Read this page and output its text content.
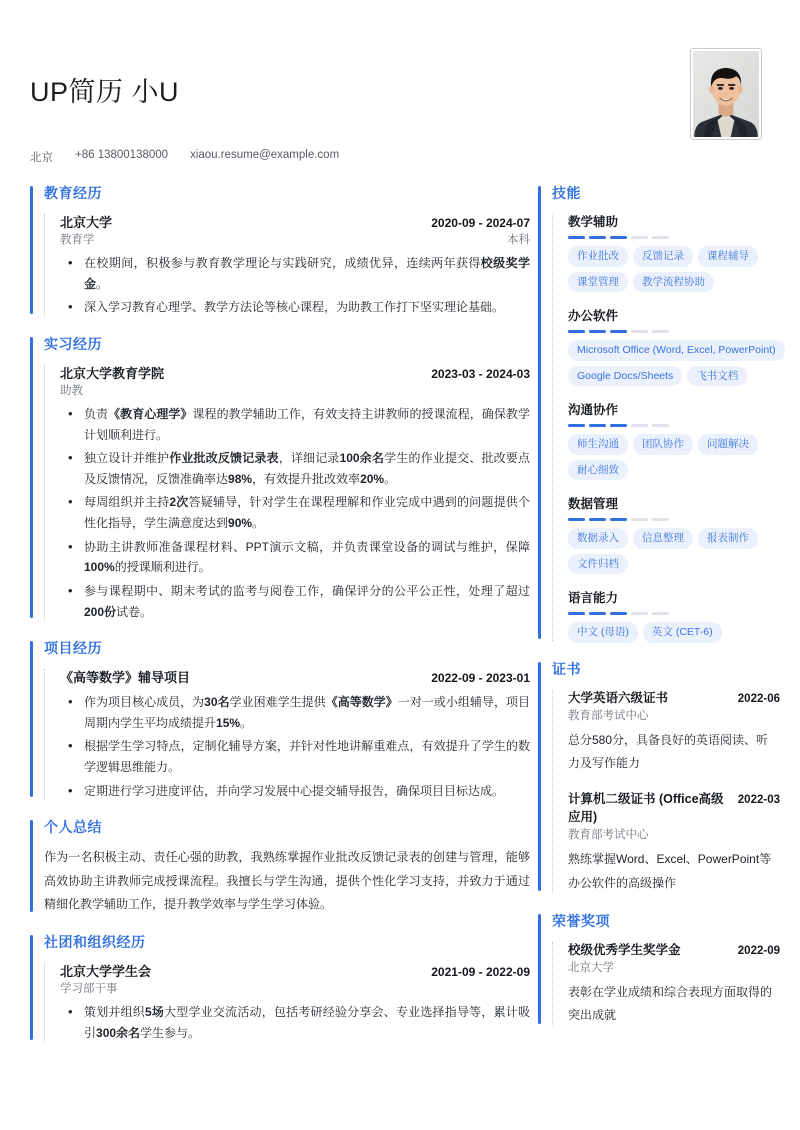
UP简历 小U
北京 +86 13800138000 xiaou.resume@example.com
教育经历
北京大学	2020-09 - 2024-07
教育学	本科
• 在校期间，积极参与教育教学理论与实践研究，成绩优异，连续两年获得校级奖学金。
• 深入学习教育心理学、教学方法论等核心课程，为助教工作打下坚实理论基础。
实习经历
北京大学教育学院	2023-03 - 2024-03
助教
• 负责《教育心理学》课程的教学辅助工作，有效支持主讲教师的授课流程，确保教学计划顺利进行。
• 独立设计并维护作业批改反馈记录表，详细记录100余名学生的作业提交、批改要点及反馈情况，反馈准确率达98%，有效提升批改效率20%。
• 每周组织并主持2次答疑辅导，针对学生在课程理解和作业完成中遇到的问题提供个性化指导，学生满意度达到90%。
• 协助主讲教师准备课程材料、PPT演示文稿，并负责课堂设备的调试与维护，保障100%的授课顺利进行。
• 参与课程期中、期末考试的监考与阅卷工作，确保评分的公平公正性，处理了超过200份试卷。
项目经历
《高等数学》辅导项目	2022-09 - 2023-01
• 作为项目核心成员，为30名学业困难学生提供《高等数学》一对一或小组辅导，项目周期内学生平均成绩提升15%。
• 根据学生学习特点，定制化辅导方案，并针对性地讲解重难点，有效提升了学生的数学逻辑思维能力。
• 定期进行学习进度评估，并向学习发展中心提交辅导报告，确保项目目标达成。
个人总结
作为一名积极主动、责任心强的助教，我熟练掌握作业批改反馈记录表的创建与管理，能够高效协助主讲教师完成授课流程。我擅长与学生沟通，提供个性化学习支持，并致力于通过精细化教学辅助工作，提升教学效率与学生学习体验。
社团和组织经历
北京大学学生会	2021-09 - 2022-09
学习部干事
• 策划并组织5场大型学业交流活动，包括考研经验分享会、专业选择指导等，累计吸引300余名学生参与。
技能
教学辅助
作业批改	反馈记录	课程辅导
课堂管理	教学流程协助
办公软件
Microsoft Office (Word, Excel, PowerPoint)
Google Docs/Sheets	飞书文档
沟通协作
师生沟通	团队协作	问题解决
耐心细致
数据管理
数据录入	信息整理	报表制作
文件归档
语言能力
中文 (母语)	英文 (CET-6)
证书
大学英语六级证书	2022-06
教育部考试中心
总分580分，具备良好的英语阅读、听力及写作能力
计算机二级证书 (Office高级应用)
2022-03
教育部考试中心
熟练掌握Word、Excel、PowerPoint等办公软件的高级操作
荣誉奖项
校级优秀学生奖学金	2022-09
北京大学
表彰在学业成绩和综合表现方面取得的突出成就
